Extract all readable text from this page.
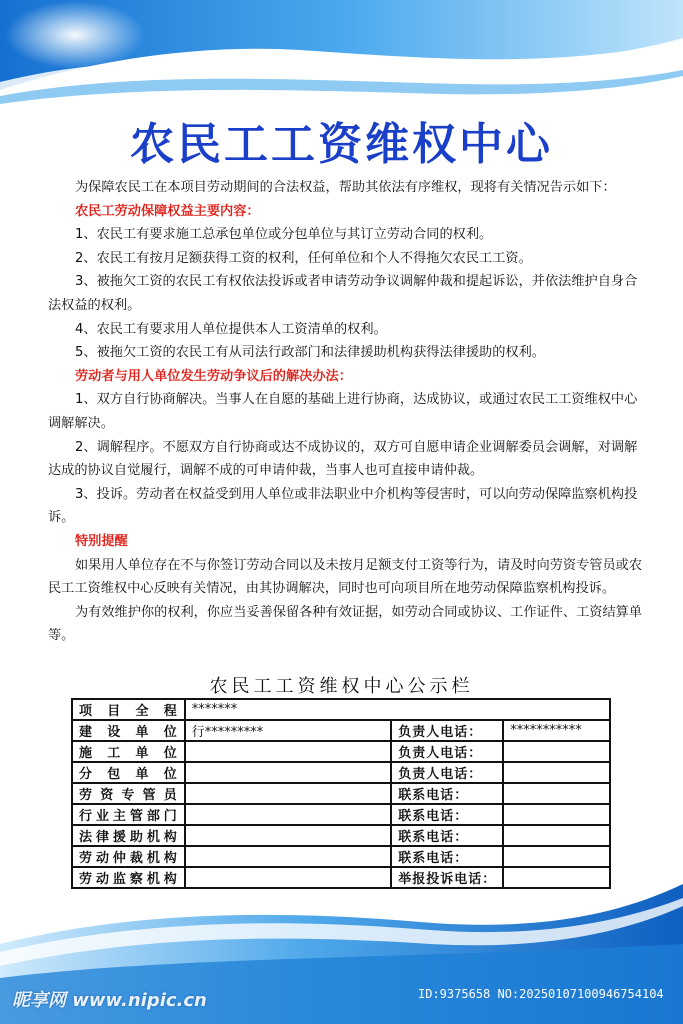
农民工工资维权中心

为保障农民工在本项目劳动期间的合法权益，帮助其依法有序维权，现将有关情况告示如下：

农民工劳动保障权益主要内容：

1、农民工有要求施工总承包单位或分包单位与其订立劳动合同的权利。

2、农民工有按月足额获得工资的权利，任何单位和个人不得拖欠农民工工资。

3、被拖欠工资的农民工有权依法投诉或者申请劳动争议调解仲裁和提起诉讼，并依法维护自身合法权益的权利。

4、农民工有要求用人单位提供本人工资清单的权利。

5、被拖欠工资的农民工有从司法行政部门和法律援助机构获得法律援助的权利。

劳动者与用人单位发生劳动争议后的解决办法：

1、双方自行协商解决。当事人在自愿的基础上进行协商，达成协议，或通过农民工工资维权中心调解解决。

2、调解程序。不愿双方自行协商或达不成协议的，双方可自愿申请企业调解委员会调解，对调解达成的协议自觉履行，调解不成的可申请仲裁，当事人也可直接申请仲裁。

3、投诉。劳动者在权益受到用人单位或非法职业中介机构等侵害时，可以向劳动保障监察机构投诉。

特别提醒

如果用人单位存在不与你签订劳动合同以及未按月足额支付工资等行为，请及时向劳资专管员或农民工工资维权中心反映有关情况，由其协调解决，同时也可向项目所在地劳动保障监察机构投诉。

为有效维护你的权利，你应当妥善保留各种有效证据，如劳动合同或协议、工作证件、工资结算单等。

农民工工资维权中心公示栏
项目全程	*******		
建设单位	行*********	负责人电话：	***********
施工单位		负责人电话：	
分包单位		负责人电话：	
劳资专管员		联系电话：	
行业主管部门		联系电话：	
法律援助机构		联系电话：	
劳动仲裁机构		联系电话：	
劳动监察机构		举报投诉电话：	
昵享网 www.nipic.cn	ID:9375658 NO:20250107100946754104
